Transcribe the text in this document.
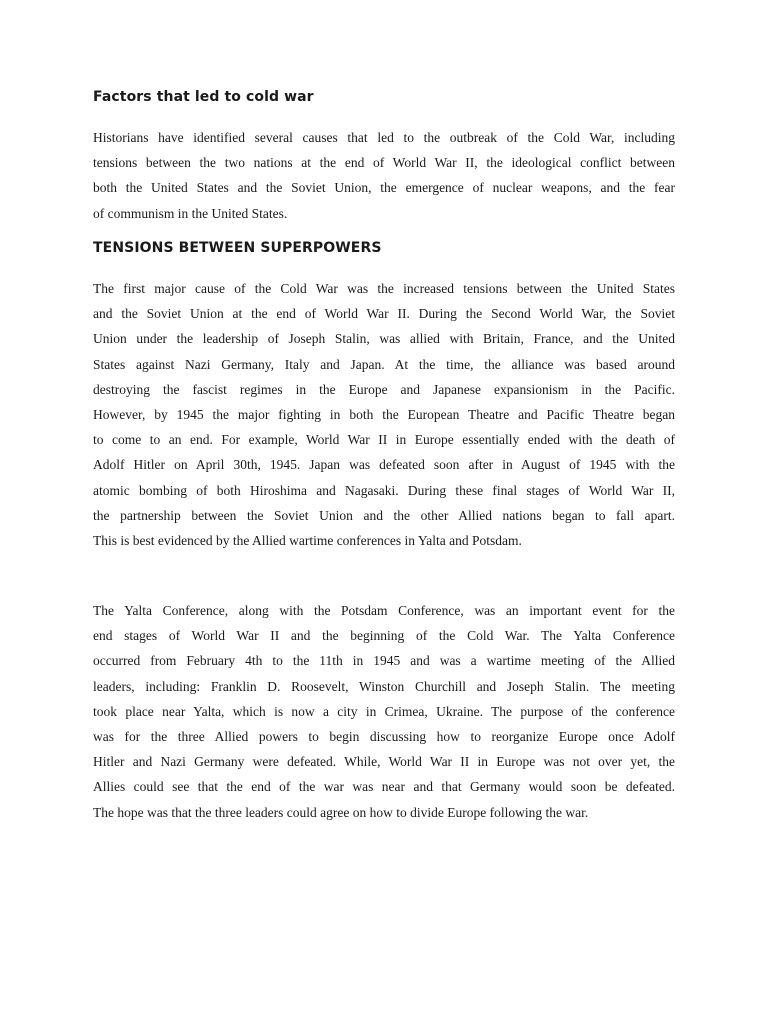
Factors that led to cold war
Historians have identified several causes that led to the outbreak of the Cold War, including
tensions between the two nations at the end of World War II, the ideological conflict between
both the United States and the Soviet Union, the emergence of nuclear weapons, and the fear
of communism in the United States.
TENSIONS BETWEEN SUPERPOWERS
The first major cause of the Cold War was the increased tensions between the United States
and the Soviet Union at the end of World War II. During the Second World War, the Soviet
Union under the leadership of Joseph Stalin, was allied with Britain, France, and the United
States against Nazi Germany, Italy and Japan. At the time, the alliance was based around
destroying the fascist regimes in the Europe and Japanese expansionism in the Pacific.
However, by 1945 the major fighting in both the European Theatre and Pacific Theatre began
to come to an end. For example, World War II in Europe essentially ended with the death of
Adolf Hitler on April 30th, 1945. Japan was defeated soon after in August of 1945 with the
atomic bombing of both Hiroshima and Nagasaki. During these final stages of World War II,
the partnership between the Soviet Union and the other Allied nations began to fall apart.
This is best evidenced by the Allied wartime conferences in Yalta and Potsdam.
The Yalta Conference, along with the Potsdam Conference, was an important event for the
end stages of World War II and the beginning of the Cold War. The Yalta Conference
occurred from February 4th to the 11th in 1945 and was a wartime meeting of the Allied
leaders, including: Franklin D. Roosevelt, Winston Churchill and Joseph Stalin. The meeting
took place near Yalta, which is now a city in Crimea, Ukraine. The purpose of the conference
was for the three Allied powers to begin discussing how to reorganize Europe once Adolf
Hitler and Nazi Germany were defeated. While, World War II in Europe was not over yet, the
Allies could see that the end of the war was near and that Germany would soon be defeated.
The hope was that the three leaders could agree on how to divide Europe following the war.
